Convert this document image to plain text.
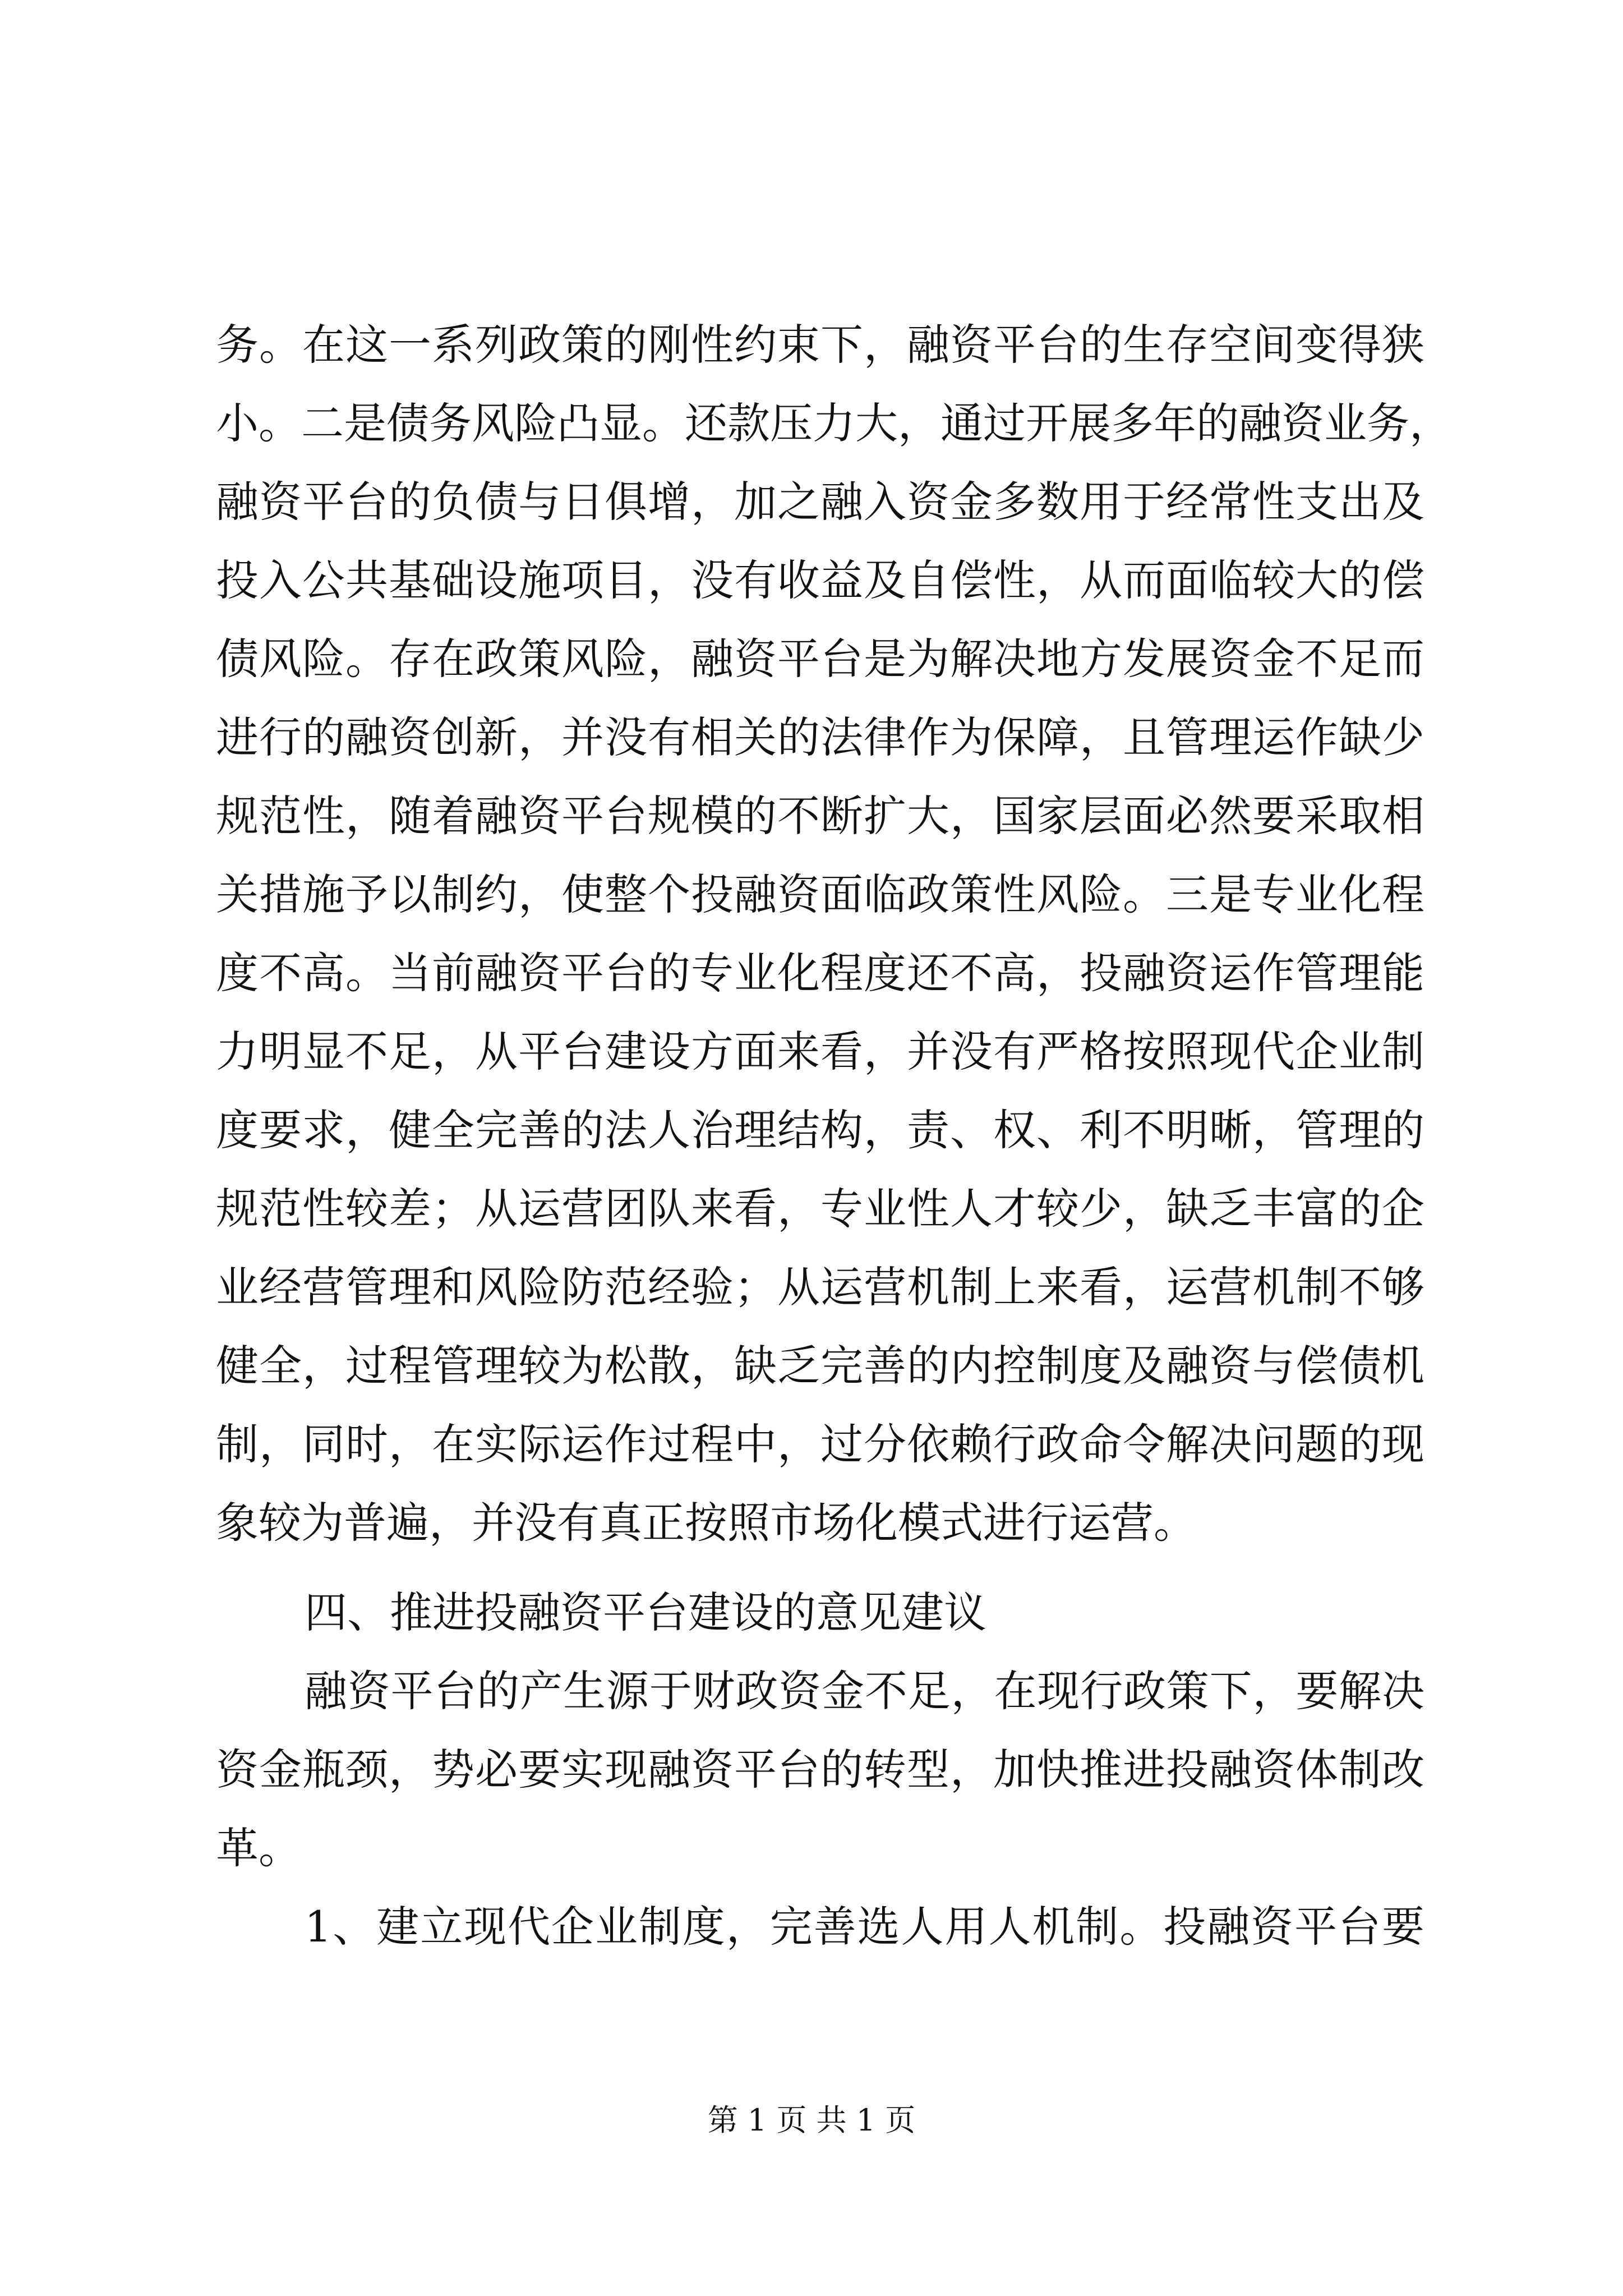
务。在这一系列政策的刚性约束下，融资平台的生存空间变得狭
小。二是债务风险凸显。还款压力大，通过开展多年的融资业务，
融资平台的负债与日俱增，加之融入资金多数用于经常性支出及
投入公共基础设施项目，没有收益及自偿性，从而面临较大的偿
债风险。存在政策风险，融资平台是为解决地方发展资金不足而
进行的融资创新，并没有相关的法律作为保障，且管理运作缺少
规范性，随着融资平台规模的不断扩大，国家层面必然要采取相
关措施予以制约，使整个投融资面临政策性风险。三是专业化程
度不高。当前融资平台的专业化程度还不高，投融资运作管理能
力明显不足，从平台建设方面来看，并没有严格按照现代企业制
度要求，健全完善的法人治理结构，责、权、利不明晰，管理的
规范性较差；从运营团队来看，专业性人才较少，缺乏丰富的企
业经营管理和风险防范经验；从运营机制上来看，运营机制不够
健全，过程管理较为松散，缺乏完善的内控制度及融资与偿债机
制，同时，在实际运作过程中，过分依赖行政命令解决问题的现
象较为普遍，并没有真正按照市场化模式进行运营。
四、推进投融资平台建设的意见建议
融资平台的产生源于财政资金不足，在现行政策下，要解决
资金瓶颈，势必要实现融资平台的转型，加快推进投融资体制改
革。
1、建立现代企业制度，完善选人用人机制。投融资平台要
第 1 页 共 1 页
